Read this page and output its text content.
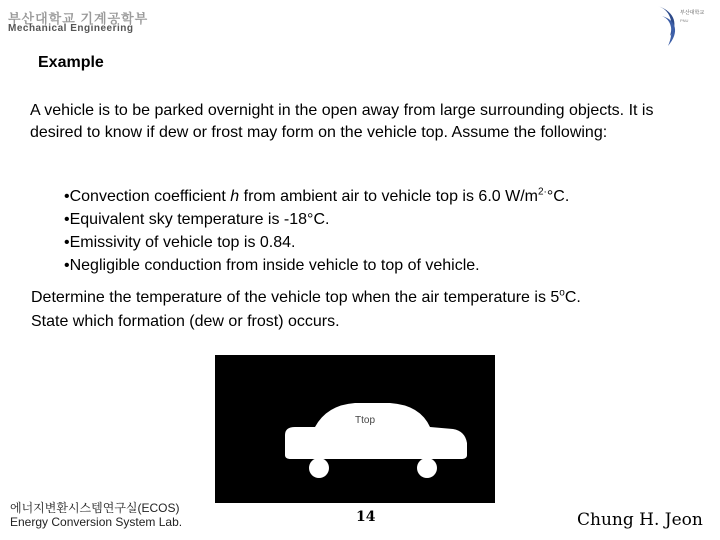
부산대학교 기계공학부
Mechanical Engineering
부산대학교
PNU
Example
A vehicle is to be parked overnight in the open away from large surrounding objects. It is desired to know if dew or frost may form on the vehicle top. Assume the following:
•Convection coefficient h from ambient air to vehicle top is 6.0 $W/m^{2\cdot}^\circ C$.
•Equivalent sky temperature is -18°C.
•Emissivity of vehicle top is 0.84.
•Negligible conduction from inside vehicle to top of vehicle.
Determine the temperature of the vehicle top when the air temperature is 5$^o$C.
State which formation (dew or frost) occurs.
Ttop
에너지변환시스템연구실(ECOS)
Energy Conversion System Lab.	14	Chung H. Jeon
